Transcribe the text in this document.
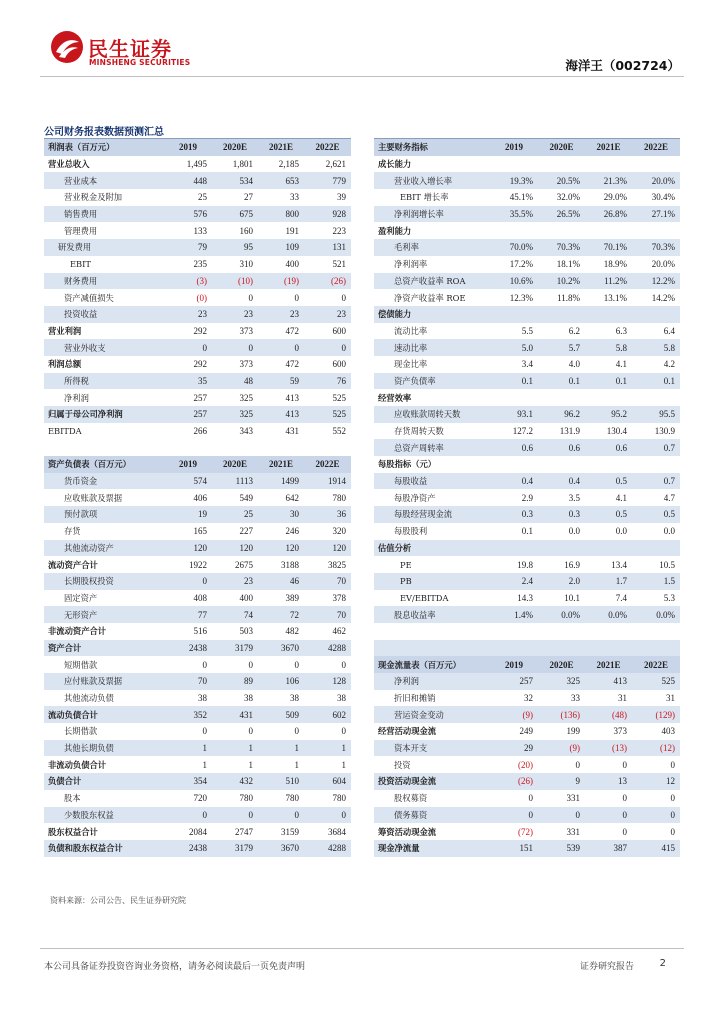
民生证券
MINSHENG SECURITIES	海洋王（002724）
公司财务报表数据预测汇总
利润表（百万元）	2019	2020E	2021E	2022E
营业总收入	1,495	1,801	2,185	2,621
营业成本	448	534	653	779
营业税金及附加	25	27	33	39
销售费用	576	675	800	928
管理费用	133	160	191	223
研发费用	79	95	109	131
EBIT	235	310	400	521
财务费用	(3)	(10)	(19)	(26)
资产减值损失	(0)	0	0	0
投资收益	23	23	23	23
营业利润	292	373	472	600
营业外收支	0	0	0	0
利润总额	292	373	472	600
所得税	35	48	59	76
净利润	257	325	413	525
归属于母公司净利润	257	325	413	525
EBITDA	266	343	431	552

资产负债表（百万元）	2019	2020E	2021E	2022E
货币资金	574	1113	1499	1914
应收账款及票据	406	549	642	780
预付款项	19	25	30	36
存货	165	227	246	320
其他流动资产	120	120	120	120
流动资产合计	1922	2675	3188	3825
长期股权投资	0	23	46	70
固定资产	408	400	389	378
无形资产	77	74	72	70
非流动资产合计	516	503	482	462
资产合计	2438	3179	3670	4288
短期借款	0	0	0	0
应付账款及票据	70	89	106	128
其他流动负债	38	38	38	38
流动负债合计	352	431	509	602
长期借款	0	0	0	0
其他长期负债	1	1	1	1
非流动负债合计	1	1	1	1
负债合计	354	432	510	604
股本	720	780	780	780
少数股东权益	0	0	0	0
股东权益合计	2084	2747	3159	3684
负债和股东权益合计	2438	3179	3670	4288
主要财务指标	2019	2020E	2021E	2022E
成长能力				
营业收入增长率	19.3%	20.5%	21.3%	20.0%
EBIT 增长率	45.1%	32.0%	29.0%	30.4%
净利润增长率	35.5%	26.5%	26.8%	27.1%
盈利能力				
毛利率	70.0%	70.3%	70.1%	70.3%
净利润率	17.2%	18.1%	18.9%	20.0%
总资产收益率 ROA	10.6%	10.2%	11.2%	12.2%
净资产收益率 ROE	12.3%	11.8%	13.1%	14.2%
偿债能力				
流动比率	5.5	6.2	6.3	6.4
速动比率	5.0	5.7	5.8	5.8
现金比率	3.4	4.0	4.1	4.2
资产负债率	0.1	0.1	0.1	0.1
经营效率				
应收账款周转天数	93.1	96.2	95.2	95.5
存货周转天数	127.2	131.9	130.4	130.9
总资产周转率	0.6	0.6	0.6	0.7
每股指标（元）				
每股收益	0.4	0.4	0.5	0.7
每股净资产	2.9	3.5	4.1	4.7
每股经营现金流	0.3	0.3	0.5	0.5
每股股利	0.1	0.0	0.0	0.0
估值分析				
PE	19.8	16.9	13.4	10.5
PB	2.4	2.0	1.7	1.5
EV/EBITDA	14.3	10.1	7.4	5.3
股息收益率	1.4%	0.0%	0.0%	0.0%

现金流量表（百万元）	2019	2020E	2021E	2022E
净利润	257	325	413	525
折旧和摊销	32	33	31	31
营运资金变动	(9)	(136)	(48)	(129)
经营活动现金流	249	199	373	403
资本开支	29	(9)	(13)	(12)
投资	(20)	0	0	0
投资活动现金流	(26)	9	13	12
股权募资	0	331	0	0
债务募资	0	0	0	0
筹资活动现金流	(72)	331	0	0
现金净流量	151	539	387	415
资料来源：公司公告、民生证券研究院
本公司具备证券投资咨询业务资格，请务必阅读最后一页免责声明	证券研究报告	2
